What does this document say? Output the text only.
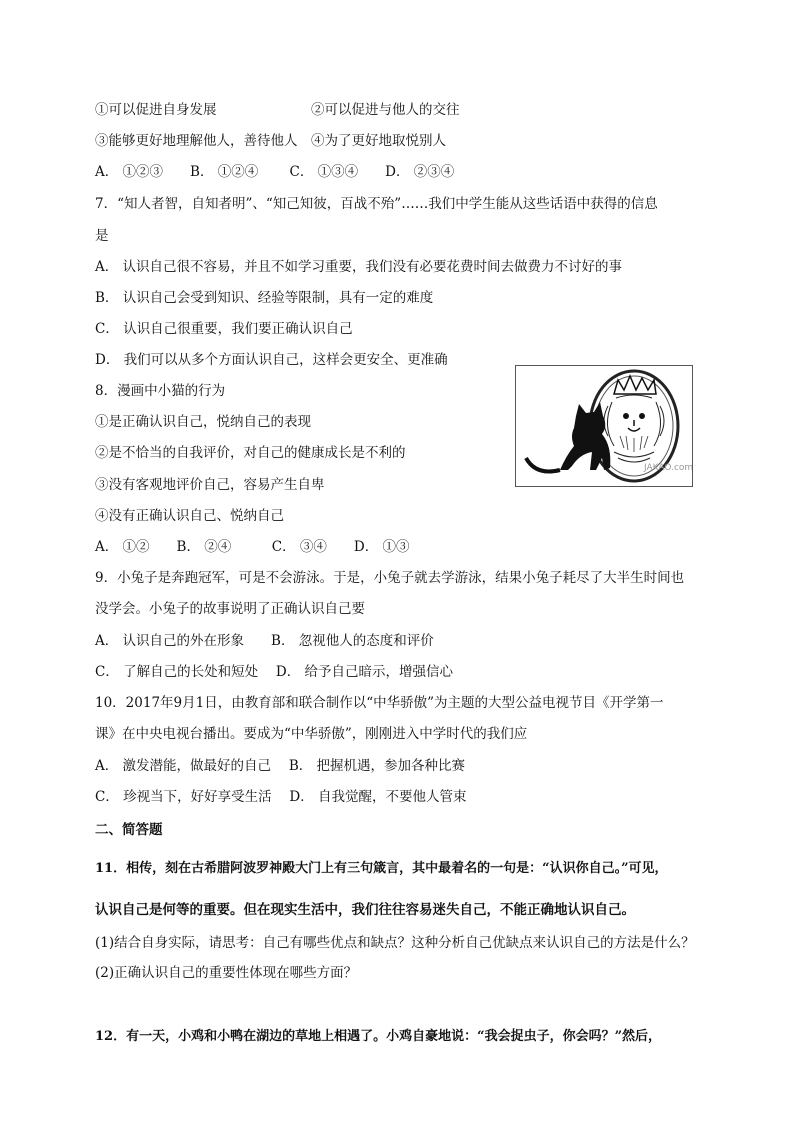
①可以促进自身发展　　　　　　　②可以促进与他人的交往
③能够更好地理解他人，善待他人　④为了更好地取悦别人
A． ①②③　　B． ①②④　　 C． ①③④　　D． ②③④
7．“知人者智，自知者明”、“知己知彼，百战不殆”……我们中学生能从这些话语中获得的信息
是
A． 认识自己很不容易，并且不如学习重要，我们没有必要花费时间去做费力不讨好的事
B． 认识自己会受到知识、经验等限制，具有一定的难度
C． 认识自己很重要，我们要正确认识自己
D． 我们可以从多个方面认识自己，这样会更安全、更准确
8．漫画中小猫的行为
①是正确认识自己，悦纳自己的表现
②是不恰当的自我评价，对自己的健康成长是不利的
③没有客观地评价自己，容易产生自卑
④没有正确认识自己、悦纳自己
A． ①②　　B． ②④　　　C． ③④　　D． ①③
9．小兔子是奔跑冠军，可是不会游泳。于是，小兔子就去学游泳，结果小兔子耗尽了大半生时间也
没学会。小兔子的故事说明了正确认识自己要
A． 认识自己的外在形象　　B． 忽视他人的态度和评价
C． 了解自己的长处和短处　 D． 给予自己暗示，增强信心
10．2017年9月1日，由教育部和联合制作以“中华骄傲”为主题的大型公益电视节目《开学第一
课》在中央电视台播出。要成为“中华骄傲”，刚刚进入中学时代的我们应
A． 激发潜能，做最好的自己　 B． 把握机遇，参加各种比赛
C． 珍视当下，好好享受生活　 D． 自我觉醒，不要他人管束
二、简答题
11．相传，刻在古希腊阿波罗神殿大门上有三句箴言，其中最着名的一句是：“认识你自己。”可见，
认识自己是何等的重要。但在现实生活中，我们往往容易迷失自己，不能正确地认识自己。
(1)结合自身实际，请思考：自己有哪些优点和缺点？这种分析自己优缺点来认识自己的方法是什么？
(2)正确认识自己的重要性体现在哪些方面？
12．有一天，小鸡和小鸭在湖边的草地上相遇了。小鸡自豪地说：“我会捉虫子，你会吗？”然后，
JAKAO.com
